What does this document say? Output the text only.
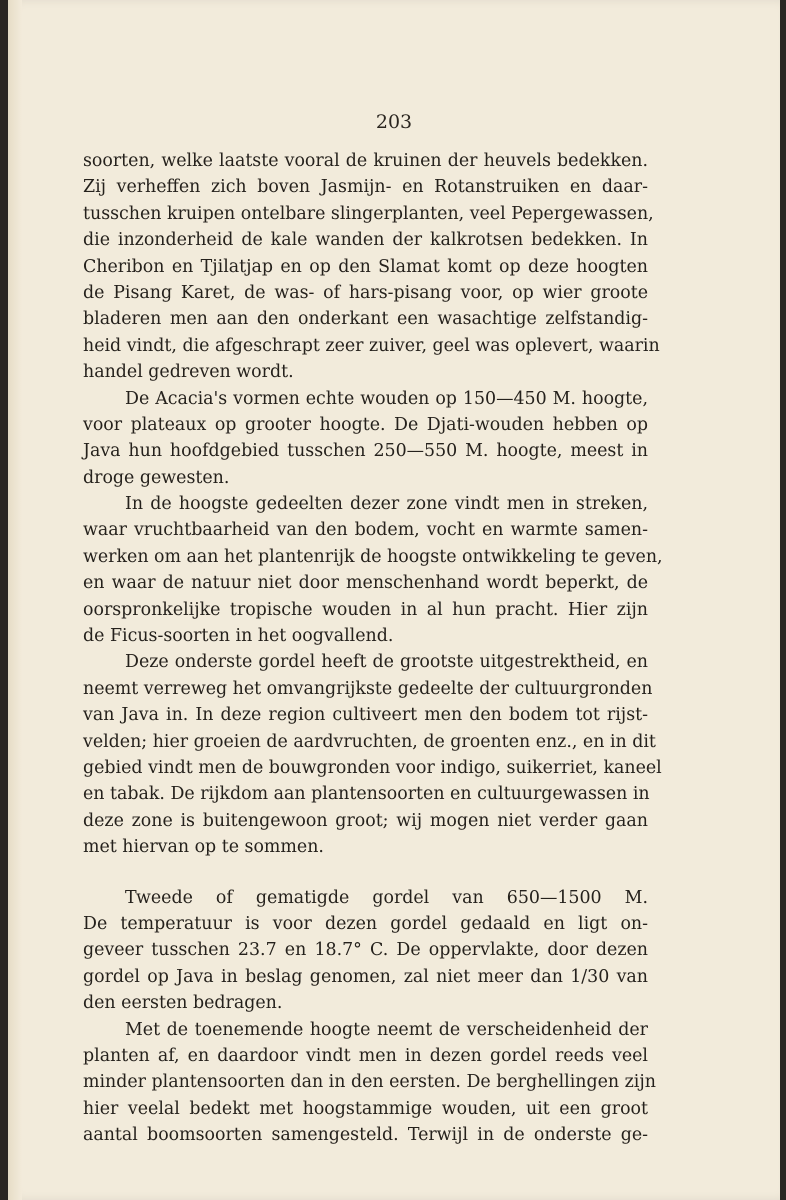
203

soorten, welke laatste vooral de kruinen der heuvels bedekken.
Zij verheffen zich boven Jasmijn- en Rotanstruiken en daar-
tusschen kruipen ontelbare slingerplanten, veel Pepergewassen,
die inzonderheid de kale wanden der kalkrotsen bedekken. In
Cheribon en Tjilatjap en op den Slamat komt op deze hoogten
de Pisang Karet, de was- of hars-pisang voor, op wier groote
bladeren men aan den onderkant een wasachtige zelfstandig-
heid vindt, die afgeschrapt zeer zuiver, geel was oplevert, waarin
handel gedreven wordt.

De Acacia's vormen echte wouden op 150—450 M. hoogte,
voor plateaux op grooter hoogte. De Djati-wouden hebben op
Java hun hoofdgebied tusschen 250—550 M. hoogte, meest in
droge gewesten.

In de hoogste gedeelten dezer zone vindt men in streken,
waar vruchtbaarheid van den bodem, vocht en warmte samen-
werken om aan het plantenrijk de hoogste ontwikkeling te geven,
en waar de natuur niet door menschenhand wordt beperkt, de
oorspronkelijke tropische wouden in al hun pracht. Hier zijn
de Ficus-soorten in het oogvallend.

Deze onderste gordel heeft de grootste uitgestrektheid, en
neemt verreweg het omvangrijkste gedeelte der cultuurgronden
van Java in. In deze region cultiveert men den bodem tot rijst-
velden; hier groeien de aardvruchten, de groenten enz., en in dit
gebied vindt men de bouwgronden voor indigo, suikerriet, kaneel
en tabak. De rijkdom aan plantensoorten en cultuurgewassen in
deze zone is buitengewoon groot; wij mogen niet verder gaan
met hiervan op te sommen.

Tweede of gematigde gordel van 650—1500 M.
De temperatuur is voor dezen gordel gedaald en ligt on-
geveer tusschen 23.7 en 18.7° C. De oppervlakte, door dezen
gordel op Java in beslag genomen, zal niet meer dan 1/30 van
den eersten bedragen.

Met de toenemende hoogte neemt de verscheidenheid der
planten af, en daardoor vindt men in dezen gordel reeds veel
minder plantensoorten dan in den eersten. De berghellingen zijn
hier veelal bedekt met hoogstammige wouden, uit een groot
aantal boomsoorten samengesteld. Terwijl in de onderste ge-
